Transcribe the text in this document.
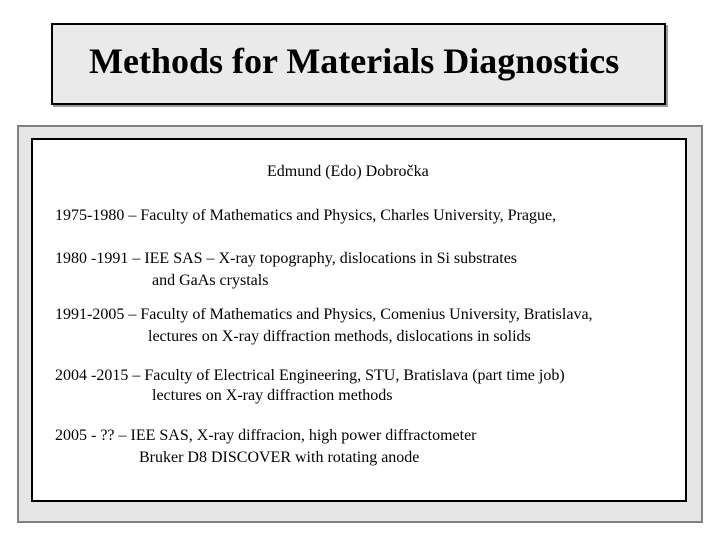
Methods for Materials Diagnostics

Edmund (Edo) Dobročka

1975-1980 – Faculty of Mathematics and Physics, Charles University, Prague,

1980 -1991 – IEE SAS – X-ray topography, dislocations in Si substrates

and GaAs crystals

1991-2005 – Faculty of Mathematics and Physics, Comenius University, Bratislava,

lectures on X-ray diffraction methods, dislocations in solids

2004 -2015 – Faculty of Electrical Engineering, STU, Bratislava (part time job)

lectures on X-ray diffraction methods

2005 - ?? – IEE SAS, X-ray diffracion, high power diffractometer

Bruker D8 DISCOVER with rotating anode
